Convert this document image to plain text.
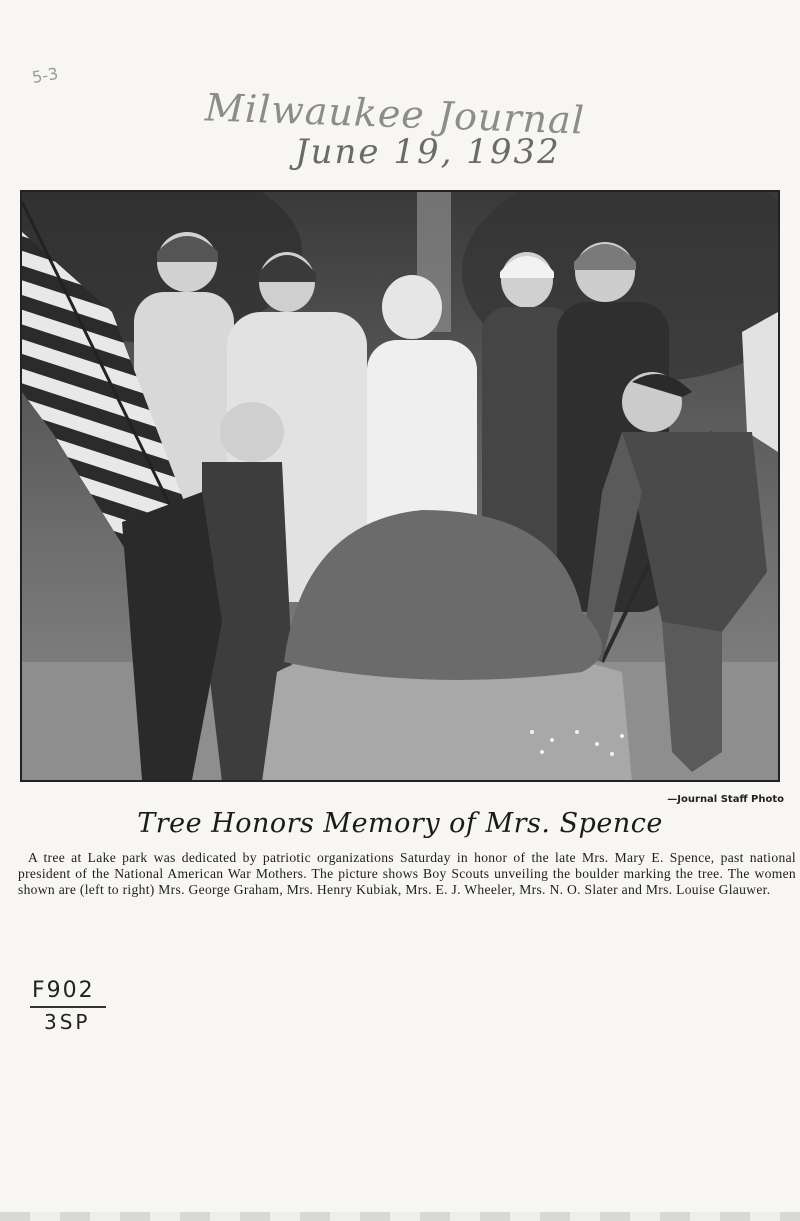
5-3
Milwaukee Journal
June 19, 1932
—Journal Staff Photo
Tree Honors Memory of Mrs. Spence
A tree at Lake park was dedicated by patriotic organizations Saturday in honor of the late Mrs. Mary E. Spence, past national president of the National American War Mothers. The picture shows Boy Scouts unveiling the boulder marking the tree. The women shown are (left to right) Mrs. George Graham, Mrs. Henry Kubiak, Mrs. E. J. Wheeler, Mrs. N. O. Slater and Mrs. Louise Glauwer.
F902
3SP
